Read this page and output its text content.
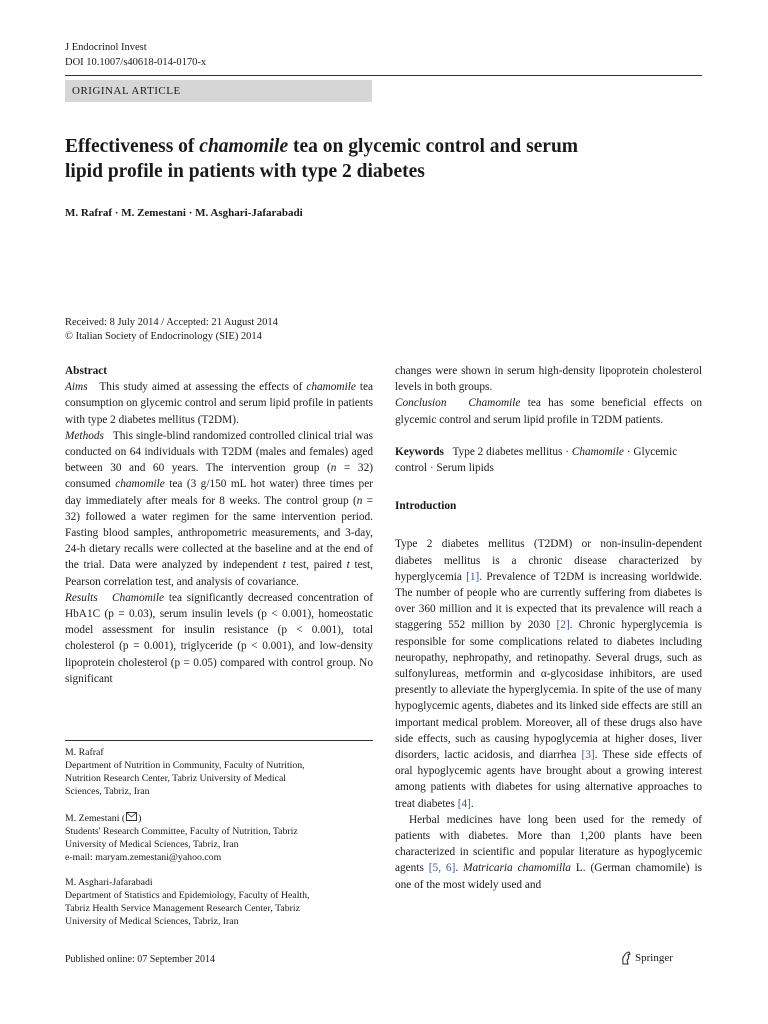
J Endocrinol Invest
DOI 10.1007/s40618-014-0170-x
ORIGINAL ARTICLE
Effectiveness of chamomile tea on glycemic control and serum
lipid profile in patients with type 2 diabetes
M. Rafraf · M. Zemestani · M. Asghari-Jafarabadi
Received: 8 July 2014 / Accepted: 21 August 2014
© Italian Society of Endocrinology (SIE) 2014
Abstract
Aims This study aimed at assessing the effects of chamomile tea consumption on glycemic control and serum lipid profile in patients with type 2 diabetes mellitus (T2DM).
Methods This single-blind randomized controlled clinical trial was conducted on 64 individuals with T2DM (males and females) aged between 30 and 60 years. The intervention group (n = 32) consumed chamomile tea (3 g/150 mL hot water) three times per day immediately after meals for 8 weeks. The control group (n = 32) followed a water regimen for the same intervention period. Fasting blood samples, anthropometric measurements, and 3-day, 24-h dietary recalls were collected at the baseline and at the end of the trial. Data were analyzed by independent t test, paired t test, Pearson correlation test, and analysis of covariance.
Results Chamomile tea significantly decreased concentration of HbA1C (p = 0.03), serum insulin levels (p < 0.001), homeostatic model assessment for insulin resistance (p < 0.001), total cholesterol (p = 0.001), triglyceride (p < 0.001), and low-density lipoprotein cholesterol (p = 0.05) compared with control group. No significant
M. Rafraf
Department of Nutrition in Community, Faculty of Nutrition,
Nutrition Research Center, Tabriz University of Medical
Sciences, Tabriz, Iran
M. Zemestani ( )
Students' Research Committee, Faculty of Nutrition, Tabriz
University of Medical Sciences, Tabriz, Iran
e-mail: maryam.zemestani@yahoo.com
M. Asghari-Jafarabadi
Department of Statistics and Epidemiology, Faculty of Health,
Tabriz Health Service Management Research Center, Tabriz
University of Medical Sciences, Tabriz, Iran
changes were shown in serum high-density lipoprotein cholesterol levels in both groups.
Conclusion Chamomile tea has some beneficial effects on glycemic control and serum lipid profile in T2DM patients.
Keywords Type 2 diabetes mellitus · Chamomile · Glycemic control · Serum lipids
Introduction
Type 2 diabetes mellitus (T2DM) or non-insulin-dependent diabetes mellitus is a chronic disease characterized by hyperglycemia [1]. Prevalence of T2DM is increasing worldwide. The number of people who are currently suffering from diabetes is over 360 million and it is expected that its prevalence will reach a staggering 552 million by 2030 [2]. Chronic hyperglycemia is responsible for some complications related to diabetes including neuropathy, nephropathy, and retinopathy. Several drugs, such as sulfonylureas, metformin and α-glycosidase inhibitors, are used presently to alleviate the hyperglycemia. In spite of the use of many hypoglycemic agents, diabetes and its linked side effects are still an important medical problem. Moreover, all of these drugs also have side effects, such as causing hypoglycemia at higher doses, liver disorders, lactic acidosis, and diarrhea [3]. These side effects of oral hypoglycemic agents have brought about a growing interest among patients with diabetes for using alternative approaches to treat diabetes [4].
Herbal medicines have long been used for the remedy of patients with diabetes. More than 1,200 plants have been characterized in scientific and popular literature as hypoglycemic agents [5, 6]. Matricaria chamomilla L. (German chamomile) is one of the most widely used and
Published online: 07 September 2014	Springer
